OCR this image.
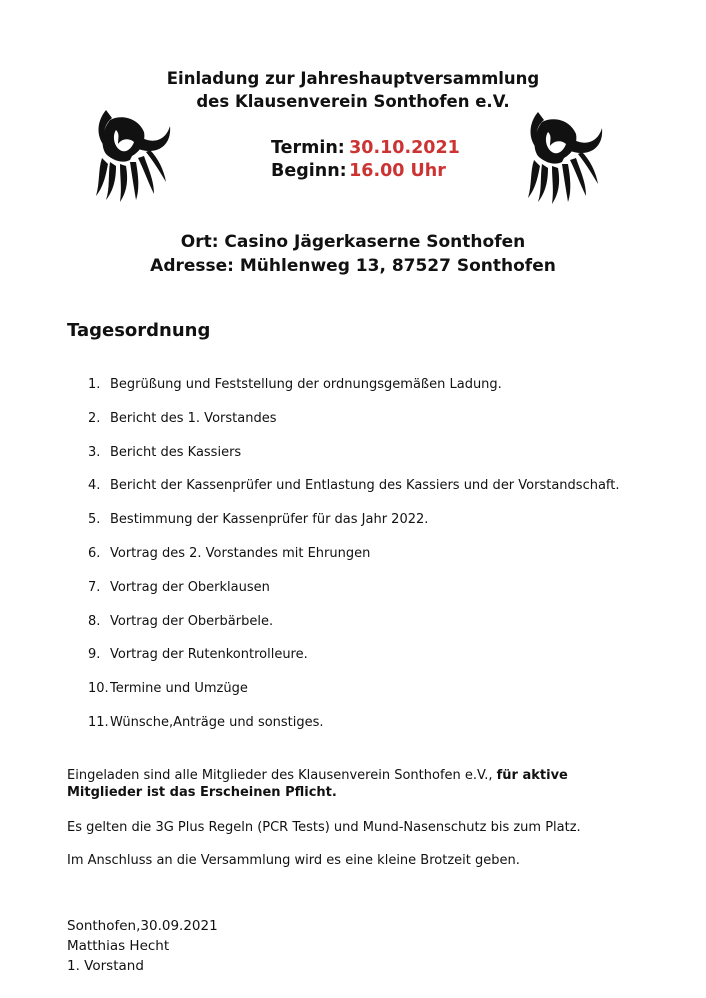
Einladung zur Jahreshauptversammlung
des Klausenverein Sonthofen e.V.
Termin: 30.10.2021
Beginn: 16.00 Uhr
Ort: Casino Jägerkaserne Sonthofen
Adresse: Mühlenweg 13, 87527 Sonthofen
Tagesordnung
1. Begrüßung und Feststellung der ordnungsgemäßen Ladung.
2. Bericht des 1. Vorstandes
3. Bericht des Kassiers
4. Bericht der Kassenprüfer und Entlastung des Kassiers und der Vorstandschaft.
5. Bestimmung der Kassenprüfer für das Jahr 2022.
6. Vortrag des 2. Vorstandes mit Ehrungen
7. Vortrag der Oberklausen
8. Vortrag der Oberbärbele.
9. Vortrag der Rutenkontrolleure.
10.Termine und Umzüge
11.Wünsche,Anträge und sonstiges.
Eingeladen sind alle Mitglieder des Klausenverein Sonthofen e.V., für aktive Mitglieder ist das Erscheinen Pflicht.
Es gelten die 3G Plus Regeln (PCR Tests) und Mund-Nasenschutz bis zum Platz.
Im Anschluss an die Versammlung wird es eine kleine Brotzeit geben.
Sonthofen,30.09.2021
Matthias Hecht
1. Vorstand
